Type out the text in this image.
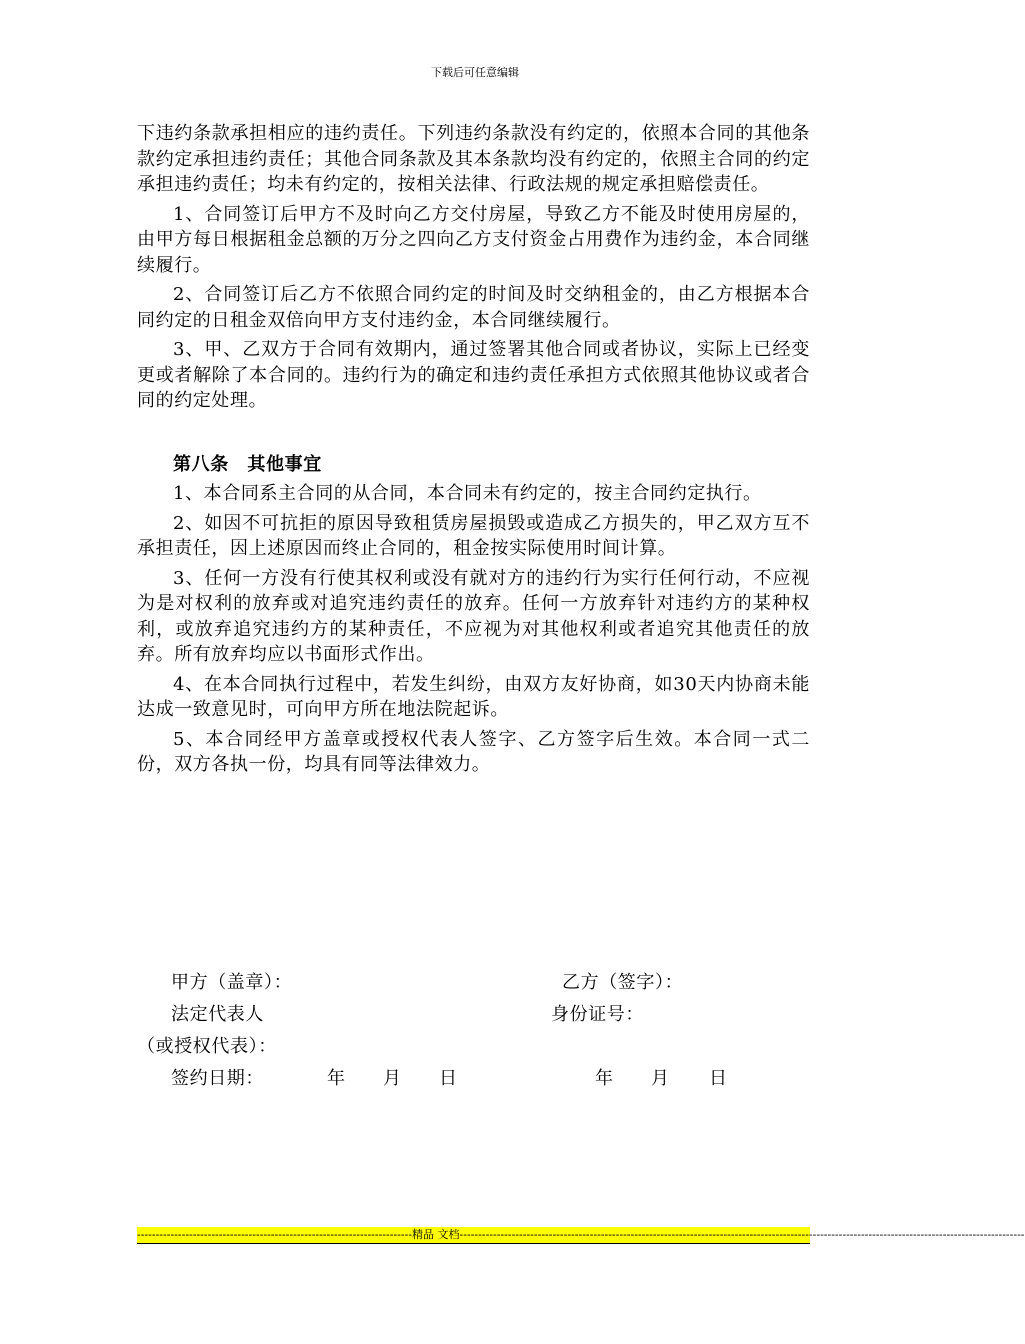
下载后可任意编辑

下违约条款承担相应的违约责任。下列违约条款没有约定的，依照本合同的其他条款约定承担违约责任；其他合同条款及其本条款均没有约定的，依照主合同的约定承担违约责任；均未有约定的，按相关法律、行政法规的规定承担赔偿责任。

1、合同签订后甲方不及时向乙方交付房屋，导致乙方不能及时使用房屋的，由甲方每日根据租金总额的万分之四向乙方支付资金占用费作为违约金，本合同继续履行。

2、合同签订后乙方不依照合同约定的时间及时交纳租金的，由乙方根据本合同约定的日租金双倍向甲方支付违约金，本合同继续履行。

3、甲、乙双方于合同有效期内，通过签署其他合同或者协议，实际上已经变更或者解除了本合同的。违约行为的确定和违约责任承担方式依照其他协议或者合同的约定处理。

第八条　其他事宜

1、本合同系主合同的从合同，本合同未有约定的，按主合同约定执行。

2、如因不可抗拒的原因导致租赁房屋损毁或造成乙方损失的，甲乙双方互不承担责任，因上述原因而终止合同的，租金按实际使用时间计算。

3、任何一方没有行使其权利或没有就对方的违约行为实行任何行动，不应视为是对权利的放弃或对追究违约责任的放弃。任何一方放弃针对违约方的某种权利，或放弃追究违约方的某种责任，不应视为对其他权利或者追究其他责任的放弃。所有放弃均应以书面形式作出。

4、在本合同执行过程中，若发生纠纷，由双方友好协商，如30天内协商未能达成一致意见时，可向甲方所在地法院起诉。

5、本合同经甲方盖章或授权代表人签字、乙方签字后生效。本合同一式二份，双方各执一份，均具有同等法律效力。

甲方（盖章）：	乙方（签字）：
法定代表人	身份证号：
（或授权代表）：
签约日期：	年 月 日	年 月 日
--------------------------------------------------------------------------精品 文档--------------------------------------------------------------------------------------------------------------------------------------------------------
